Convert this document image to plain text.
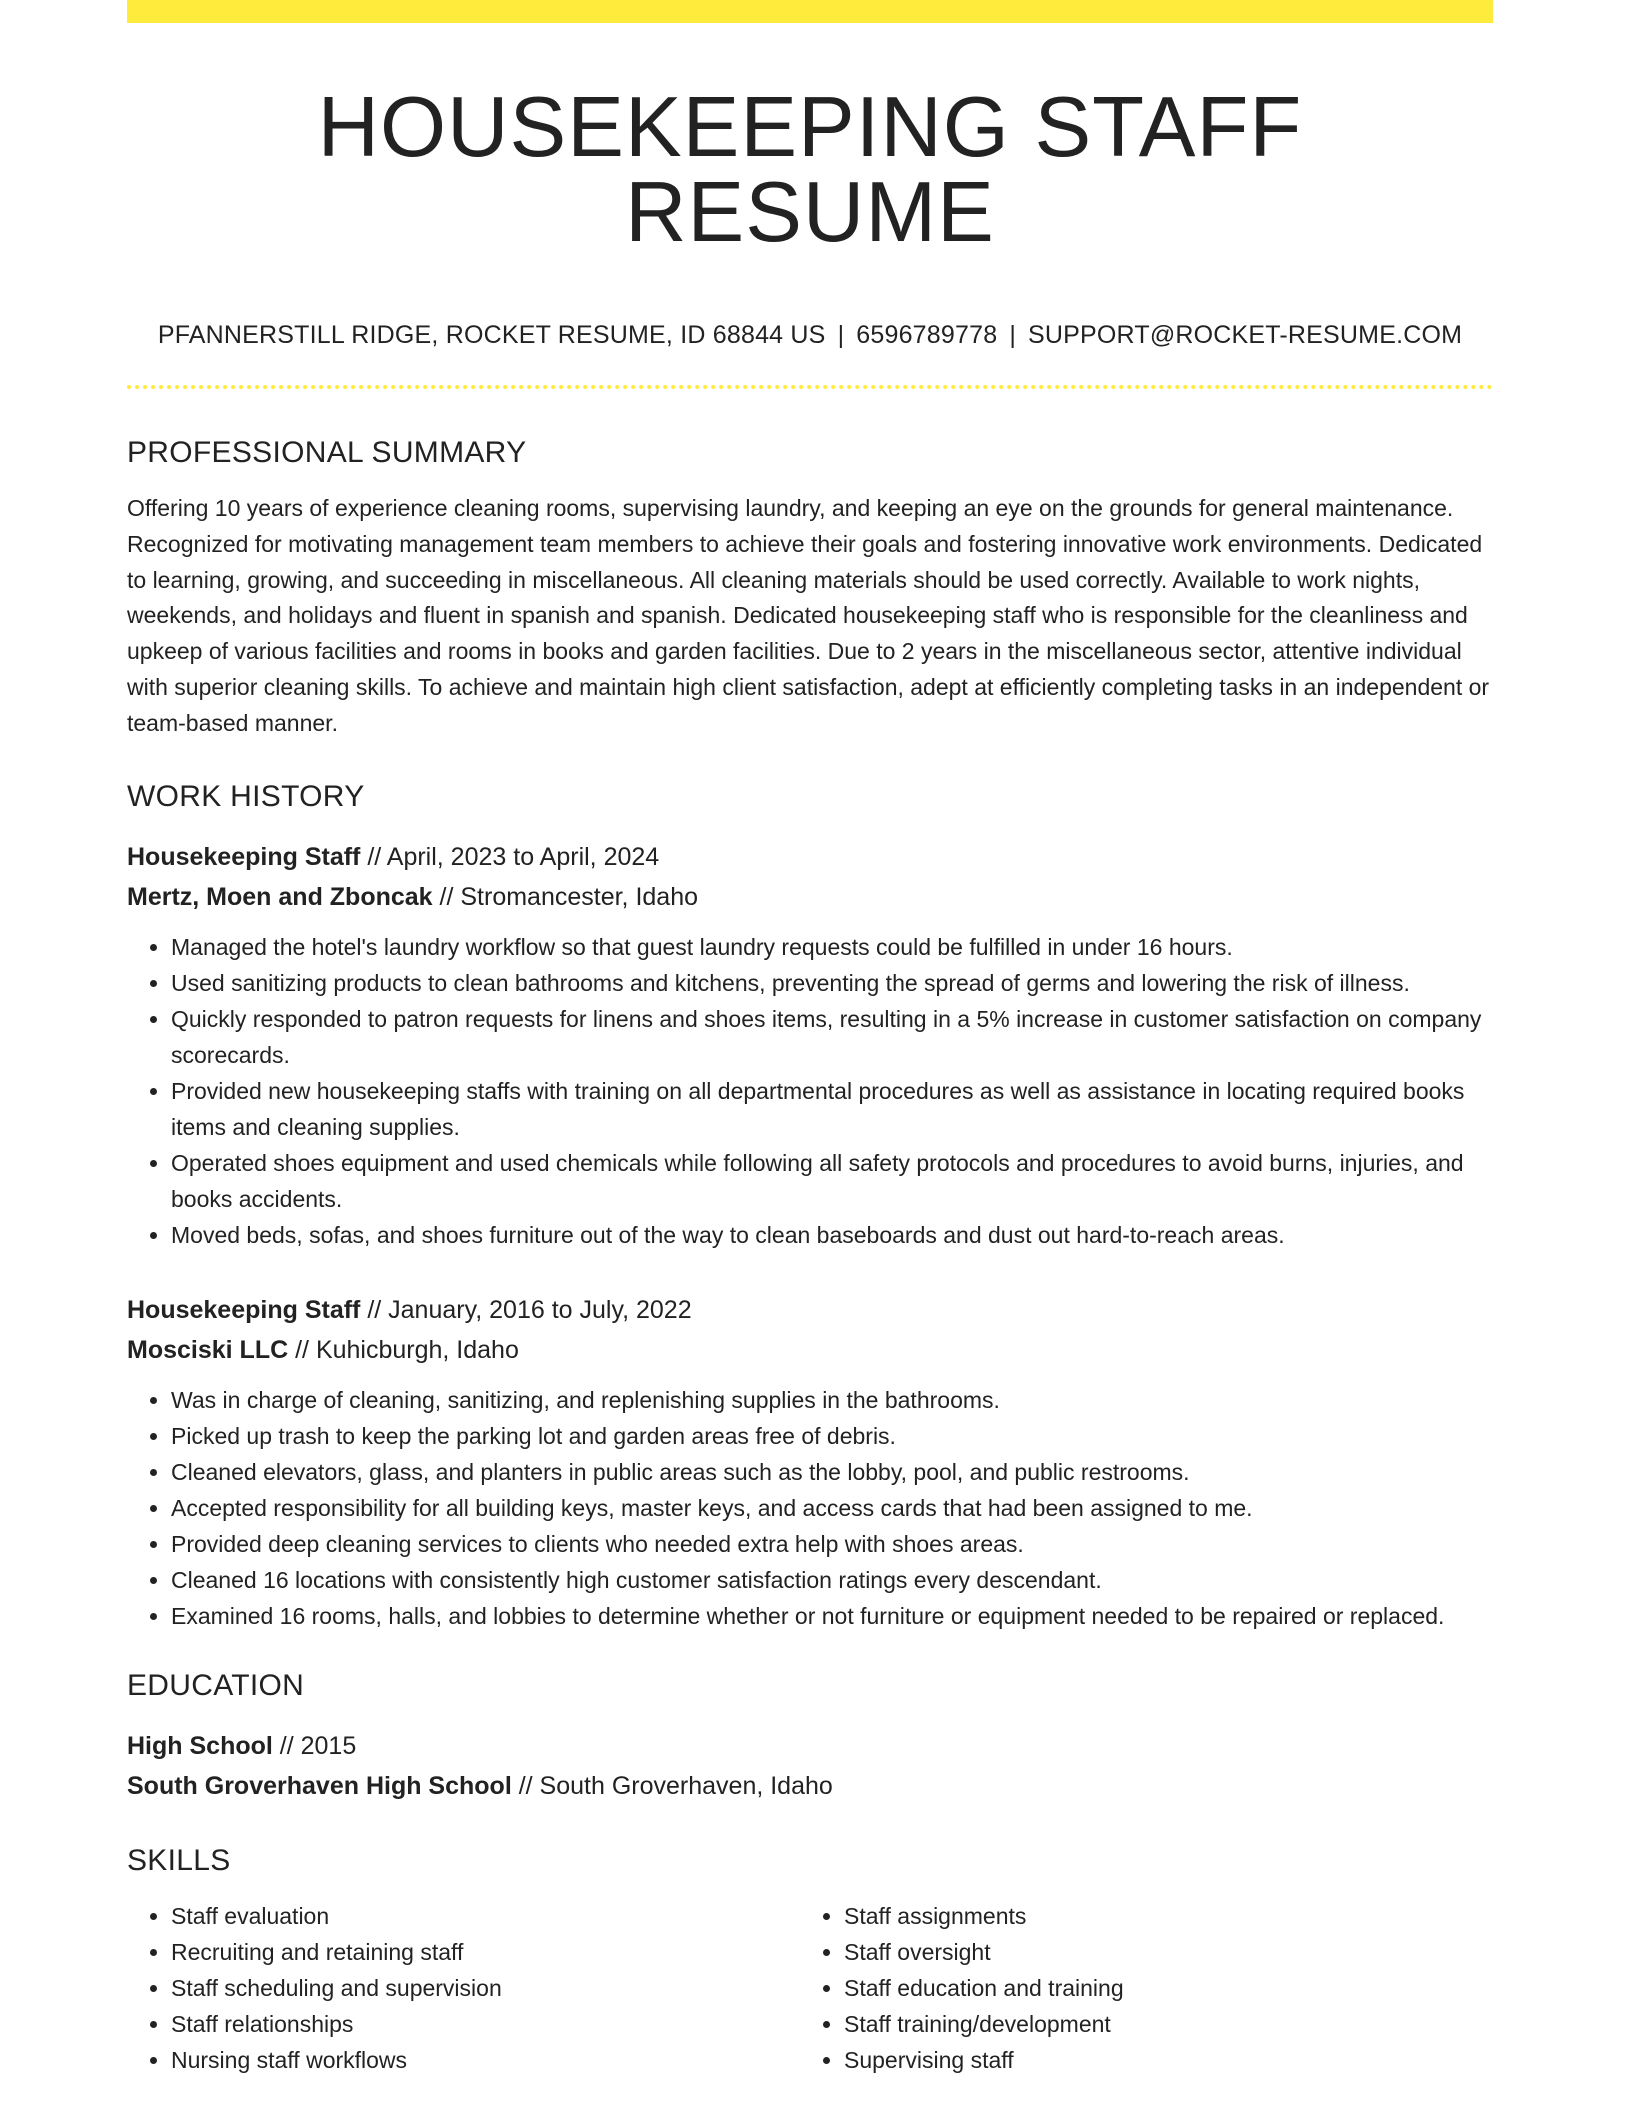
HOUSEKEEPING STAFF RESUME
PFANNERSTILL RIDGE, ROCKET RESUME, ID 68844 US | 6596789778 | SUPPORT@ROCKET-RESUME.COM
PROFESSIONAL SUMMARY
Offering 10 years of experience cleaning rooms, supervising laundry, and keeping an eye on the grounds for general maintenance. Recognized for motivating management team members to achieve their goals and fostering innovative work environments. Dedicated to learning, growing, and succeeding in miscellaneous. All cleaning materials should be used correctly. Available to work nights, weekends, and holidays and fluent in spanish and spanish. Dedicated housekeeping staff who is responsible for the cleanliness and upkeep of various facilities and rooms in books and garden facilities. Due to 2 years in the miscellaneous sector, attentive individual with superior cleaning skills. To achieve and maintain high client satisfaction, adept at efficiently completing tasks in an independent or team-based manner.
WORK HISTORY
Housekeeping Staff // April, 2023 to April, 2024
Mertz, Moen and Zboncak // Stromancester, Idaho
• Managed the hotel's laundry workflow so that guest laundry requests could be fulfilled in under 16 hours.
• Used sanitizing products to clean bathrooms and kitchens, preventing the spread of germs and lowering the risk of illness.
• Quickly responded to patron requests for linens and shoes items, resulting in a 5% increase in customer satisfaction on company scorecards.
• Provided new housekeeping staffs with training on all departmental procedures as well as assistance in locating required books items and cleaning supplies.
• Operated shoes equipment and used chemicals while following all safety protocols and procedures to avoid burns, injuries, and books accidents.
• Moved beds, sofas, and shoes furniture out of the way to clean baseboards and dust out hard-to-reach areas.
Housekeeping Staff // January, 2016 to July, 2022
Mosciski LLC // Kuhicburgh, Idaho
• Was in charge of cleaning, sanitizing, and replenishing supplies in the bathrooms.
• Picked up trash to keep the parking lot and garden areas free of debris.
• Cleaned elevators, glass, and planters in public areas such as the lobby, pool, and public restrooms.
• Accepted responsibility for all building keys, master keys, and access cards that had been assigned to me.
• Provided deep cleaning services to clients who needed extra help with shoes areas.
• Cleaned 16 locations with consistently high customer satisfaction ratings every descendant.
• Examined 16 rooms, halls, and lobbies to determine whether or not furniture or equipment needed to be repaired or replaced.
EDUCATION
High School // 2015
South Groverhaven High School // South Groverhaven, Idaho
SKILLS
• Staff evaluation
• Recruiting and retaining staff
• Staff scheduling and supervision
• Staff relationships
• Nursing staff workflows
• Staff assignments
• Staff oversight
• Staff education and training
• Staff training/development
• Supervising staff
